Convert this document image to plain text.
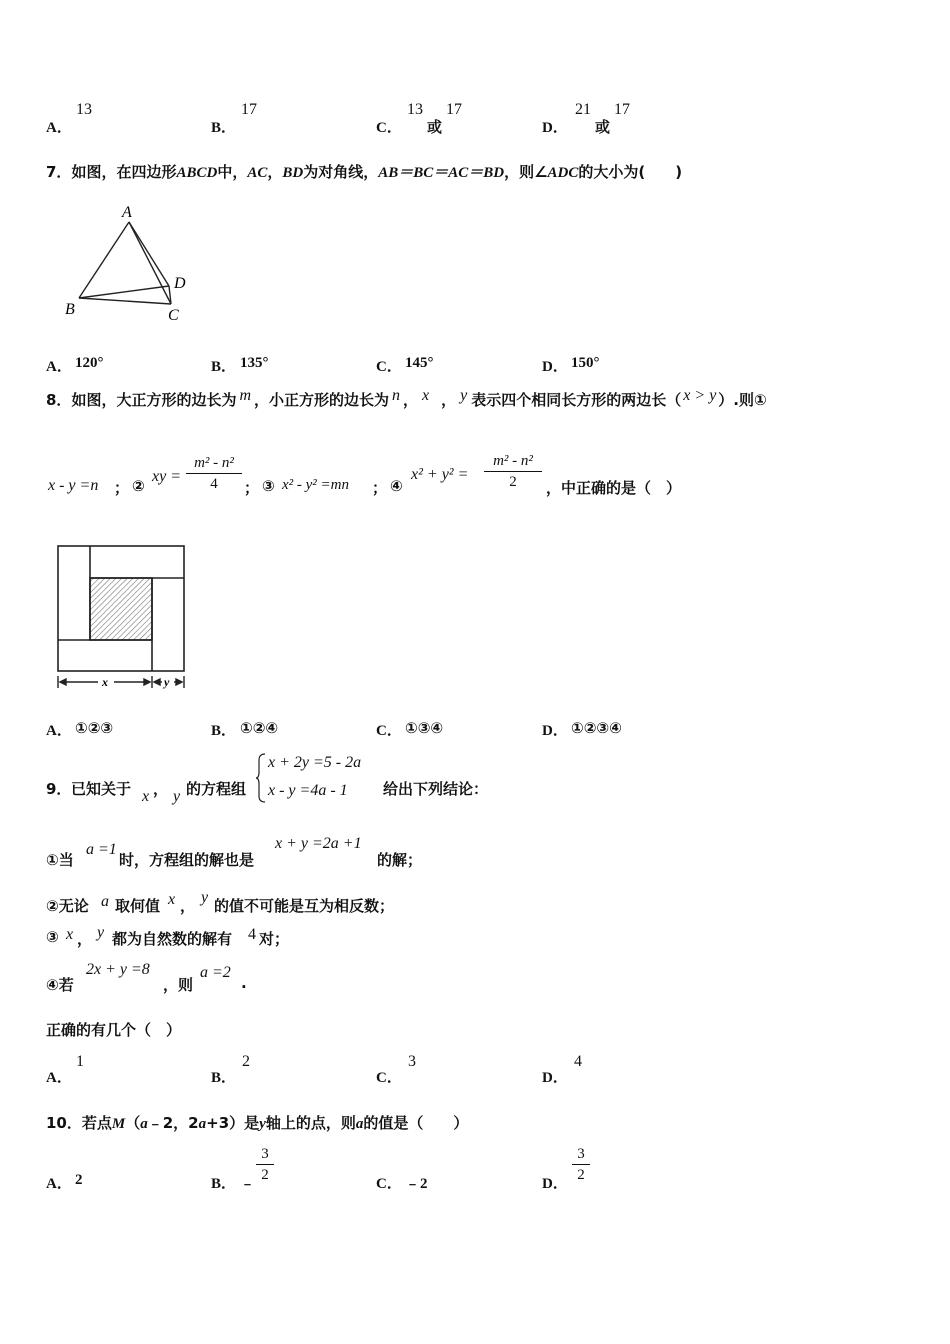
A．
13
B．
17
C．
13
或
17
D．
21
或
17
7．如图，在四边形ABCD中，AC，BD为对角线，AB＝BC＝AC＝BD，则∠ADC的大小为(　　)
A
B	C
D
A． 120°	B． 135°	C． 145°	D． 150°
8．如图，大正方形的边长为 m ，小正方形的边长为 n ， x ， y 表示四个相同长方形的两边长（ x > y ）.则①
x - y =n ； ②
xy = $\frac{\text{m² - n²}}{4}$ ； ③ x² - y² =mn ； ④
$x^2 + y^2 = \frac{\text{m² - n²}}{2}$ ，中正确的是（　）
x	y
A． ①②③	B． ①②④	C． ①③④	D． ①②③④
9． 已知关于 x ， y 的方程组
x + 2y =5 - 2a
x - y =4a - 1 给出下列结论：
①当
a =1
时，方程组的解也是
x + y =2a +1
的解；
②无论 a 取何值 x ， y 的值不可能是互为相反数；
③ x ， y 都为自然数的解有 4 对；
④若
2x + y =8
，则
a =2
.
正确的有几个（　）
A．
1
B．
2
C．
3
D．
4
10．若点M（a﹣2，2a+3）是y轴上的点，则a的值是（　　）
A． 2	B． ﹣ $\frac{3}{2}$	C． ﹣2	D． $\frac{3}{2}$
